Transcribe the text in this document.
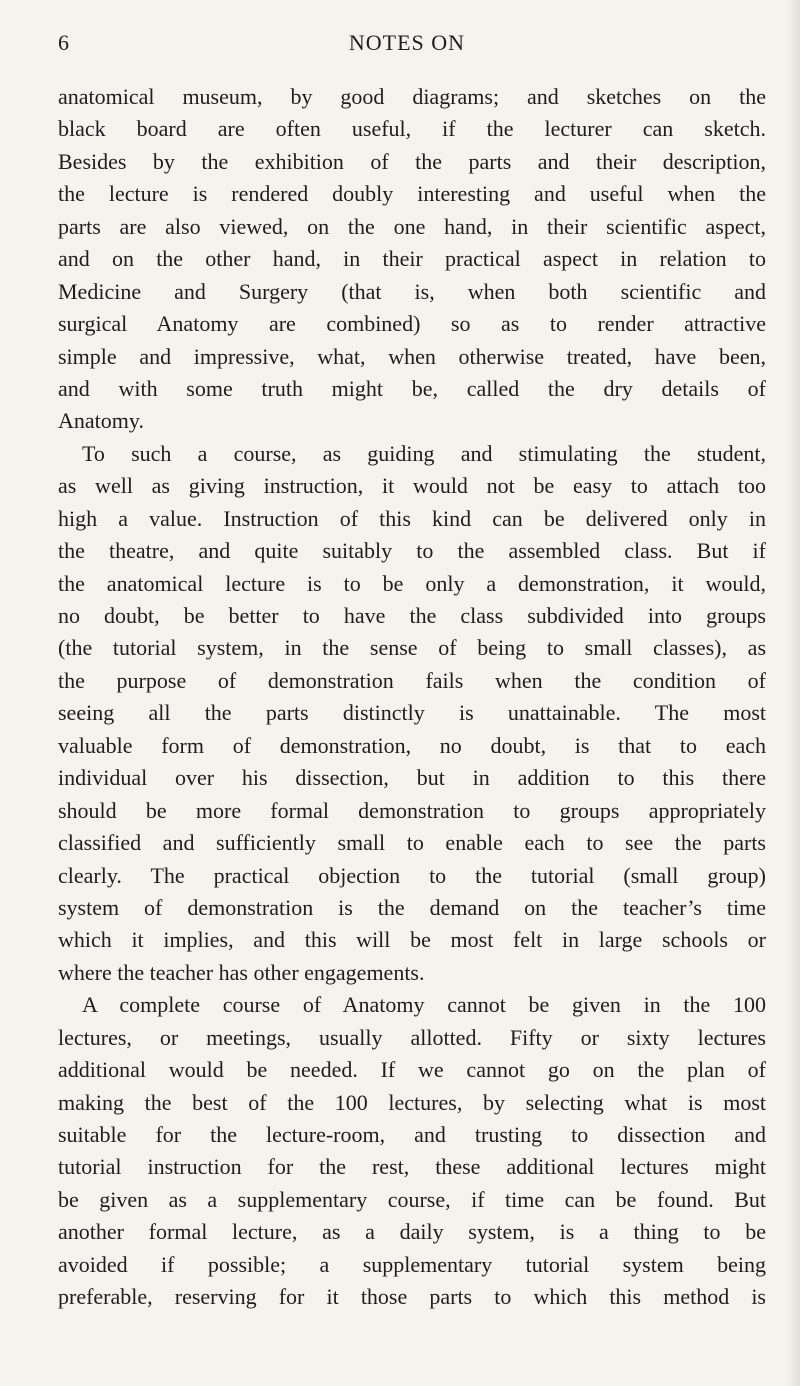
6	NOTES ON
anatomical museum, by good diagrams; and sketches on the
black board are often useful, if the lecturer can sketch.
Besides by the exhibition of the parts and their description,
the lecture is rendered doubly interesting and useful when the
parts are also viewed, on the one hand, in their scientific aspect,
and on the other hand, in their practical aspect in relation to
Medicine and Surgery (that is, when both scientific and
surgical Anatomy are combined) so as to render attractive
simple and impressive, what, when otherwise treated, have been,
and with some truth might be, called the dry details of
Anatomy.
To such a course, as guiding and stimulating the student,
as well as giving instruction, it would not be easy to attach too
high a value. Instruction of this kind can be delivered only in
the theatre, and quite suitably to the assembled class. But if
the anatomical lecture is to be only a demonstration, it would,
no doubt, be better to have the class subdivided into groups
(the tutorial system, in the sense of being to small classes), as
the purpose of demonstration fails when the condition of
seeing all the parts distinctly is unattainable. The most
valuable form of demonstration, no doubt, is that to each
individual over his dissection, but in addition to this there
should be more formal demonstration to groups appropriately
classified and sufficiently small to enable each to see the parts
clearly. The practical objection to the tutorial (small group)
system of demonstration is the demand on the teacher’s time
which it implies, and this will be most felt in large schools or
where the teacher has other engagements.
A complete course of Anatomy cannot be given in the 100
lectures, or meetings, usually allotted. Fifty or sixty lectures
additional would be needed. If we cannot go on the plan of
making the best of the 100 lectures, by selecting what is most
suitable for the lecture-room, and trusting to dissection and
tutorial instruction for the rest, these additional lectures might
be given as a supplementary course, if time can be found. But
another formal lecture, as a daily system, is a thing to be
avoided if possible; a supplementary tutorial system being
preferable, reserving for it those parts to which this method is
